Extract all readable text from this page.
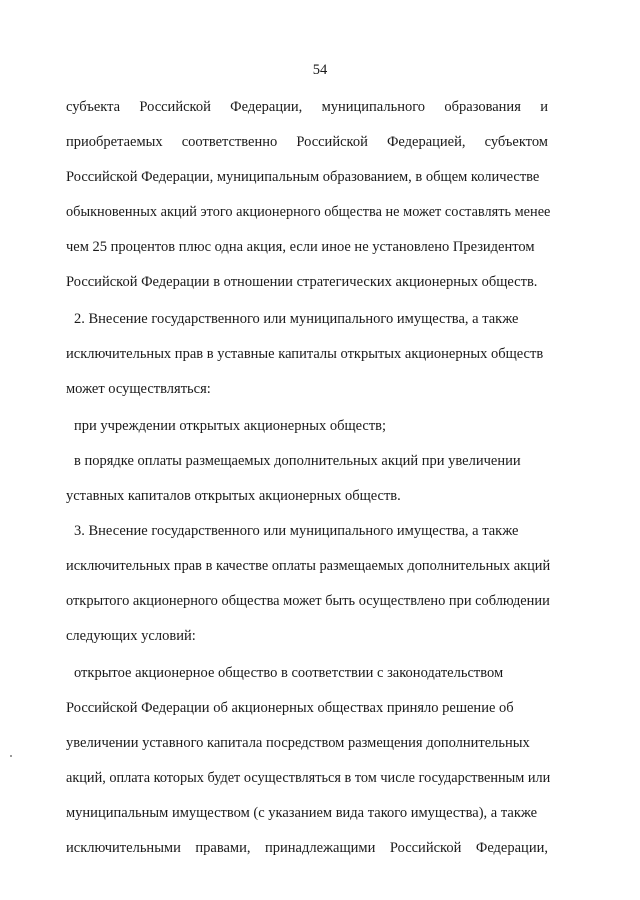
54
субъекта Российской Федерации, муниципального образования и
приобретаемых соответственно Российской Федерацией, субъектом
Российской Федерации, муниципальным образованием, в общем количестве
обыкновенных акций этого акционерного общества не может составлять менее
чем 25 процентов плюс одна акция, если иное не установлено Президентом
Российской Федерации в отношении стратегических акционерных обществ.
2. Внесение государственного или муниципального имущества, а также
исключительных прав в уставные капиталы открытых акционерных обществ
может осуществляться:
при учреждении открытых акционерных обществ;
в порядке оплаты размещаемых дополнительных акций при увеличении
уставных капиталов открытых акционерных обществ.
3. Внесение государственного или муниципального имущества, а также
исключительных прав в качестве оплаты размещаемых дополнительных акций
открытого акционерного общества может быть осуществлено при соблюдении
следующих условий:
открытое акционерное общество в соответствии с законодательством
Российской Федерации об акционерных обществах приняло решение об
увеличении уставного капитала посредством размещения дополнительных
акций, оплата которых будет осуществляться в том числе государственным или
муниципальным имуществом (с указанием вида такого имущества), а также
исключительными правами, принадлежащими Российской Федерации,
